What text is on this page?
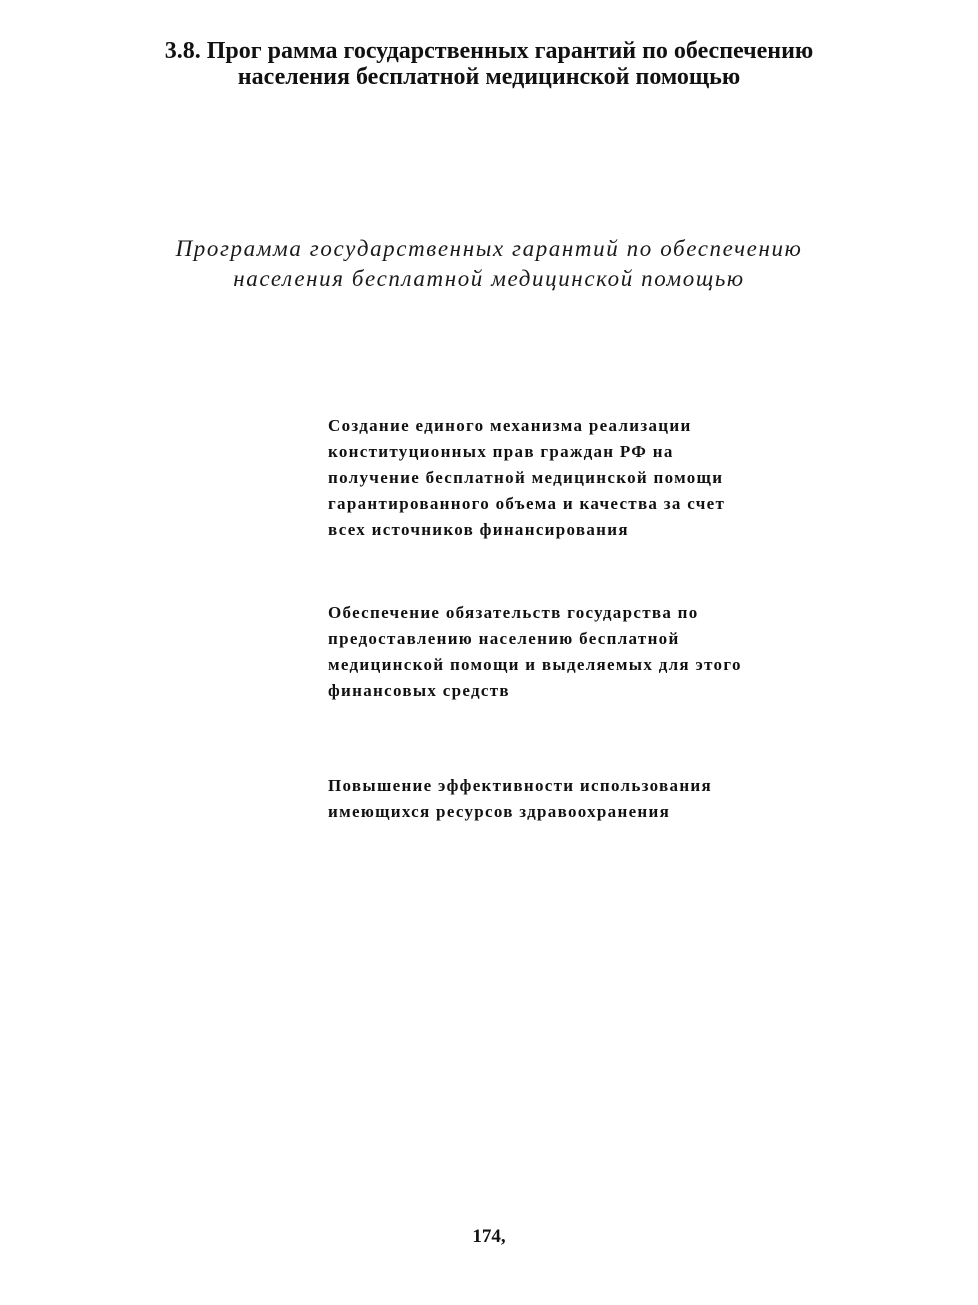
3.8. Прог рамма государственных гарантий по обеспечению
населения бесплатной медицинской помощью
Программа государственных гарантий по обеспечению
населения бесплатной медицинской помощью
Создание единого механизма реализации
конституционных прав граждан РФ на
получение бесплатной медицинской помощи
гарантированного объема и качества за счет
всех источников финансирования
Обеспечение обязательств государства по
предоставлению населению бесплатной
медицинской помощи и выделяемых для этого
финансовых средств
Повышение эффективности использования
имеющихся ресурсов здравоохранения
174,
